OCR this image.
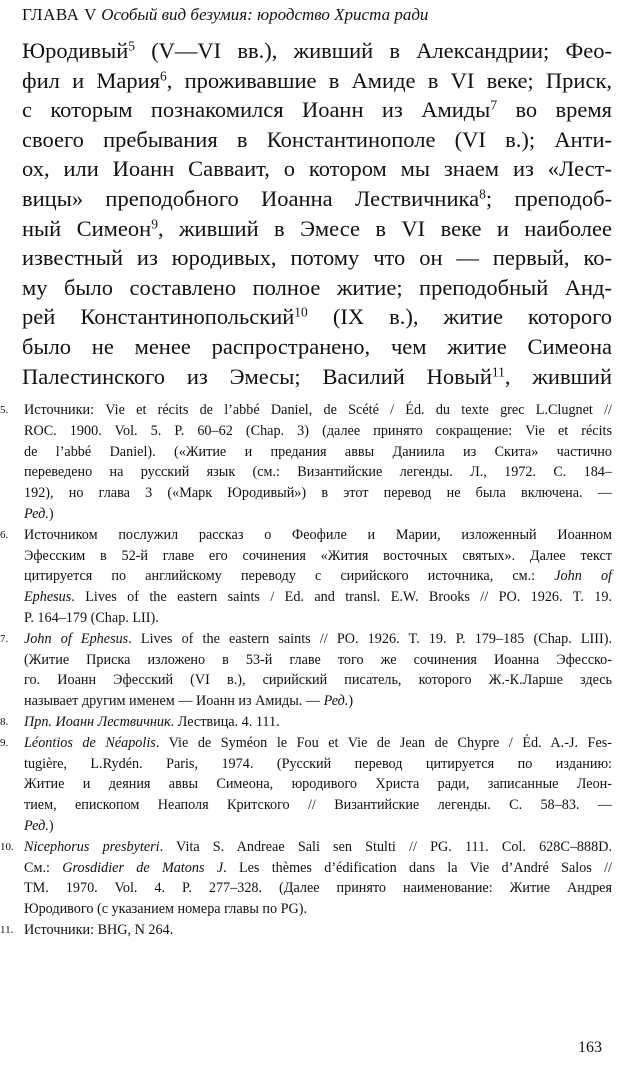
ГЛАВА V Особый вид безумия: юродство Христа ради
Юродивый$^5$ (V—VI вв.), живший в Александрии; Фео-
фил и Мария$^6$, проживавшие в Амиде в VI веке; Приск,
с которым познакомился Иоанн из Амиды$^7$ во время
своего пребывания в Константинополе (VI в.); Анти-
ох, или Иоанн Савваит, о котором мы знаем из «Лест-
вицы» преподобного Иоанна Лествичника$^8$; преподоб-
ный Симеон$^9$, живший в Эмесе в VI веке и наиболее
известный из юродивых, потому что он — первый, ко-
му было составлено полное житие; преподобный Анд-
рей Константинопольский$^{10}$ (IX в.), житие которого
было не менее распространено, чем житие Симеона
Палестинского из Эмесы; Василий Новый$^{11}$, живший
5.	Источники: Vie et récits de l’abbé Daniel, de Scété / Éd. du texte grec L.Clugnet //
ROC. 1900. Vol. 5. P. 60–62 (Chap. 3) (далее принято сокращение: Vie et récits
de l’abbé Daniel). («Житие и предания аввы Даниила из Скита» частично
переведено на русский язык (см.: Византийские легенды. Л., 1972. С. 184–
192), но глава 3 («Марк Юродивый») в этот перевод не была включена. —
Ред.)
6.	Источником послужил рассказ о Феофиле и Марии, изложенный Иоанном
Эфесским в 52-й главе его сочинения «Жития восточных святых». Далее текст
цитируется по английскому переводу с сирийского источника, см.: John of
Ephesus. Lives of the eastern saints / Ed. and transl. E.W. Brooks // PO. 1926. T. 19.
P. 164–179 (Chap. LII).
7.	John of Ephesus. Lives of the eastern saints // PO. 1926. T. 19. P. 179–185 (Chap. LIII).
(Житие Приска изложено в 53-й главе того же сочинения Иоанна Эфесско-
го. Иоанн Эфесский (VI в.), сирийский писатель, которого Ж.-К.Ларше здесь
называет другим именем — Иоанн из Амиды. — Ред.)
8.	Прп. Иоанн Лествичник. Лествица. 4. 111.
9.	Léontios de Néapolis. Vie de Syméon le Fou et Vie de Jean de Chypre / Éd. A.-J. Fes-
tugière, L.Rydén. Paris, 1974. (Русский перевод цитируется по изданию:
Житие и деяния аввы Симеона, юродивого Христа ради, записанные Леон-
тием, епископом Неаполя Критского // Византийские легенды. С. 58–83. —
Ред.)
10. Nicephorus presbyteri. Vita S. Andreae Sali sen Stulti // PG. 111. Col. 628C–888D.
См.: Grosdidier de Matons J. Les thèmes d’édification dans la Vie d’André Salos //
TM. 1970. Vol. 4. P. 277–328. (Далее принято наименование: Житие Андрея
Юродивого (с указанием номера главы по PG).
11. Источники: BHG, N 264.
163
